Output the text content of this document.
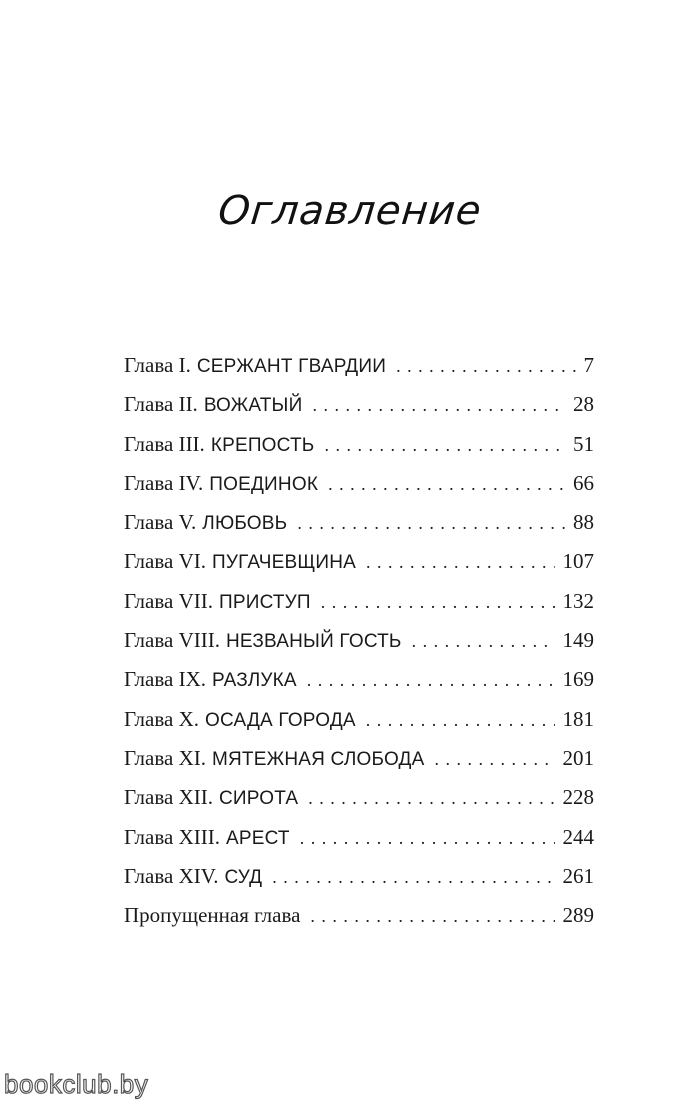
Оглавление
Глава I. СЕРЖАНТ ГВАРДИИ . . .	7
Глава II. ВОЖАТЫЙ . . .	28
Глава III. КРЕПОСТЬ . . .	51
Глава IV. ПОЕДИНОК . . .	66
Глава V. ЛЮБОВЬ . . .	88
Глава VI. ПУГАЧЕВЩИНА . . .	107
Глава VII. ПРИСТУП . . .	132
Глава VIII. НЕЗВАНЫЙ ГОСТЬ . . .	149
Глава IX. РАЗЛУКА . . .	169
Глава X. ОСАДА ГОРОДА . . .	181
Глава XI. МЯТЕЖНАЯ СЛОБОДА . . .	201
Глава XII. СИРОТА . . .	228
Глава XIII. АРЕСТ . . .	244
Глава XIV. СУД . . .	261
Пропущенная глава . . .	289
bookclub.by
